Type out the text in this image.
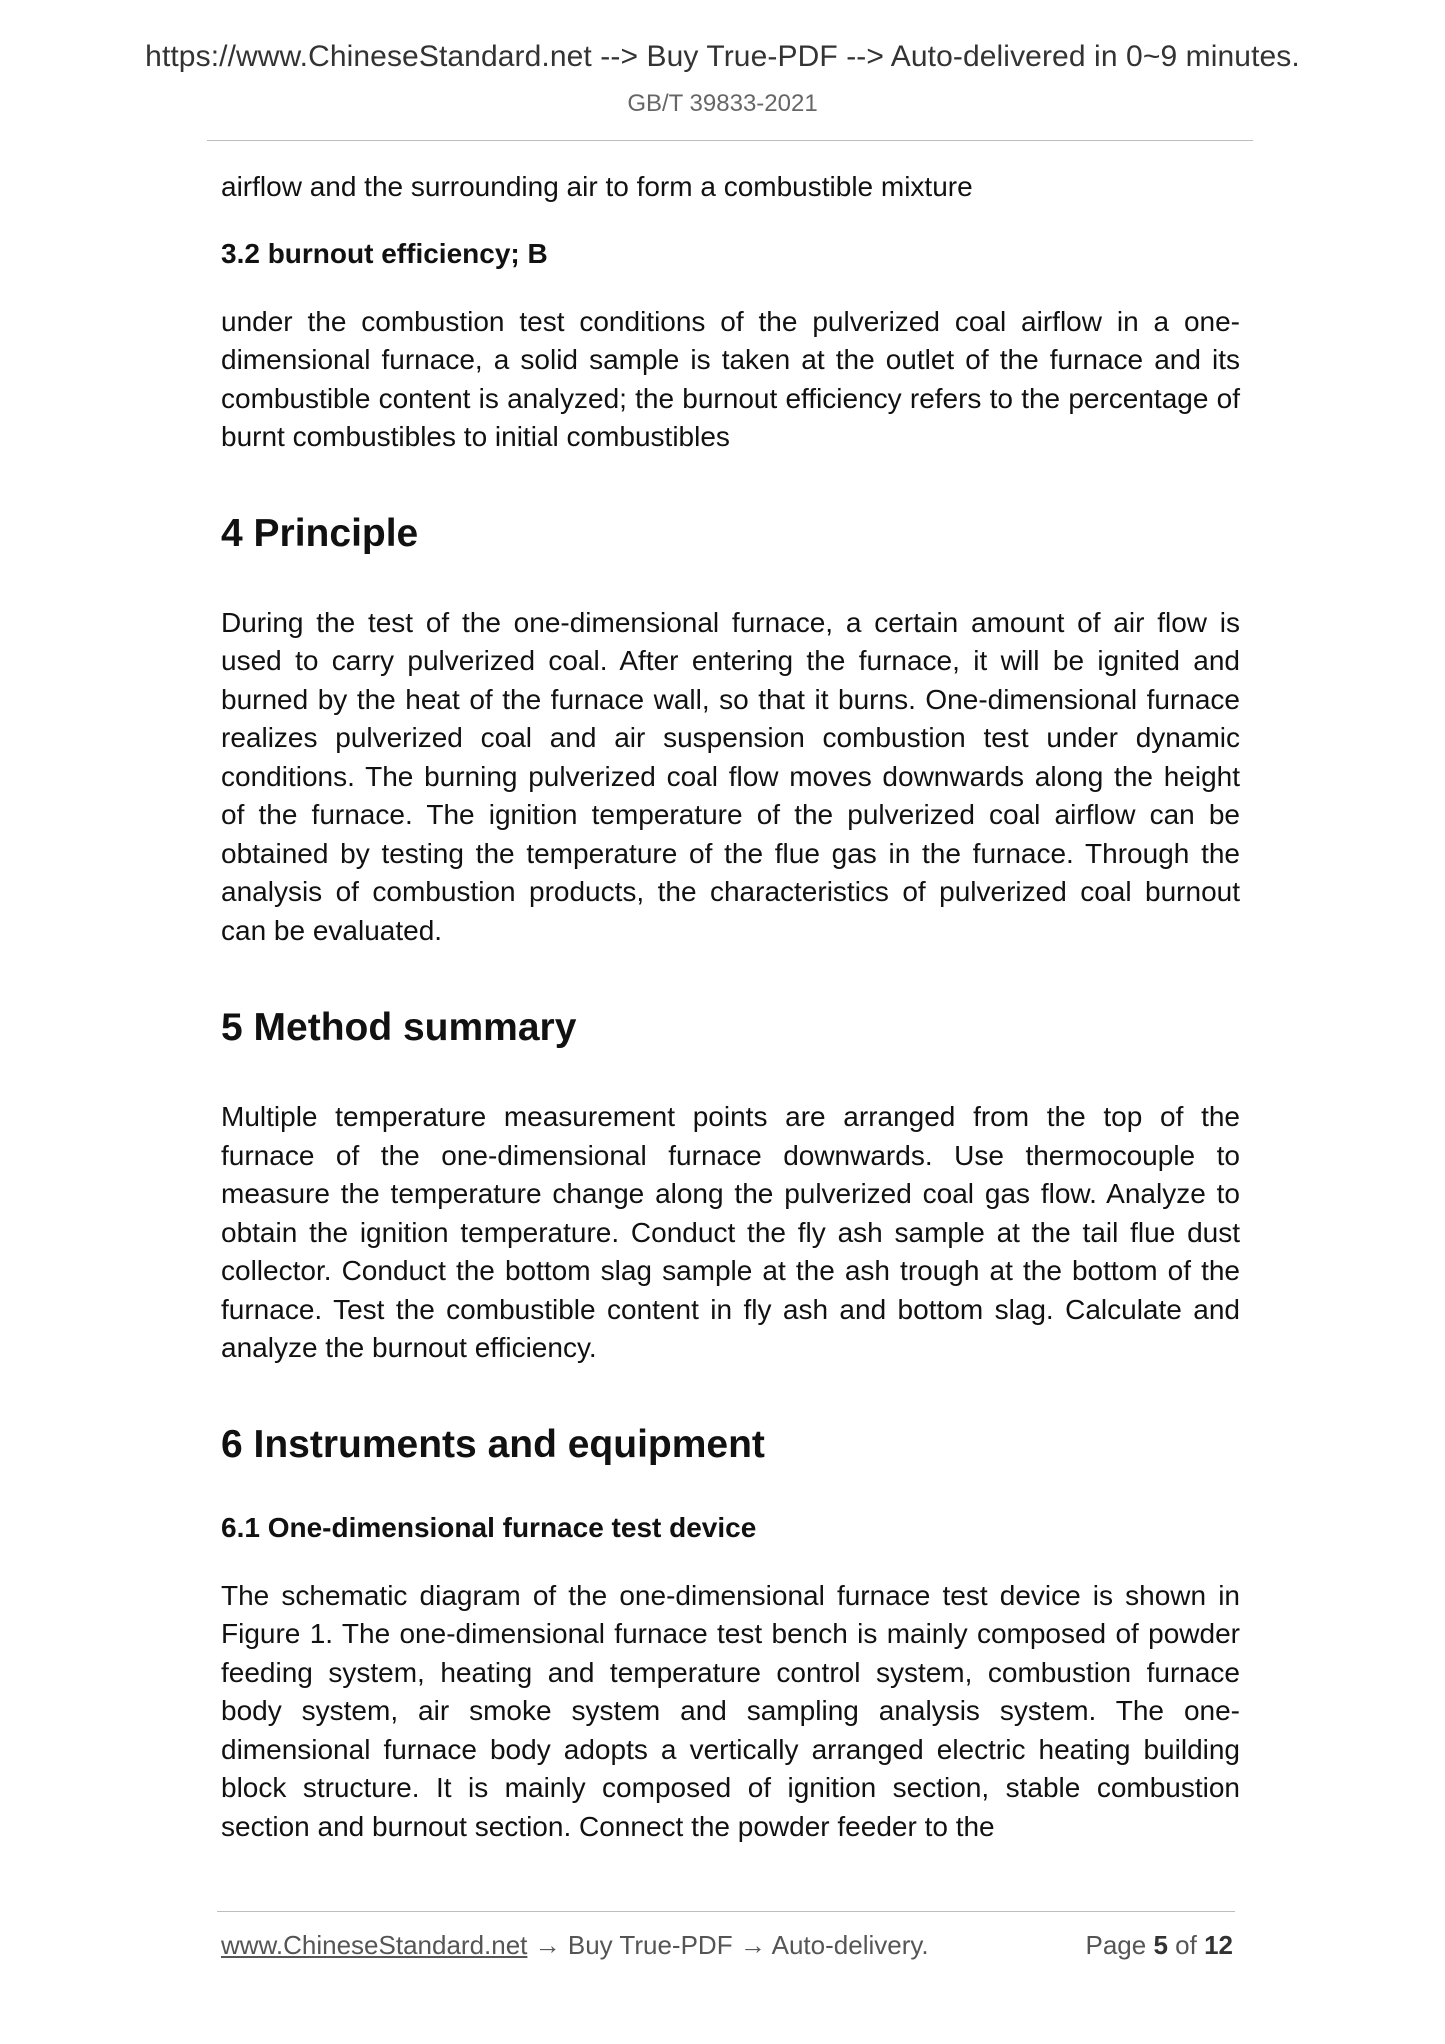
https://www.ChineseStandard.net --> Buy True-PDF --> Auto-delivered in 0~9 minutes.
GB/T 39833-2021

airflow and the surrounding air to form a combustible mixture

3.2 burnout efficiency; B

under the combustion test conditions of the pulverized coal airflow in a one-dimensional furnace, a solid sample is taken at the outlet of the furnace and its combustible content is analyzed; the burnout efficiency refers to the percentage of burnt combustibles to initial combustibles

4 Principle

During the test of the one-dimensional furnace, a certain amount of air flow is used to carry pulverized coal. After entering the furnace, it will be ignited and burned by the heat of the furnace wall, so that it burns. One-dimensional furnace realizes pulverized coal and air suspension combustion test under dynamic conditions. The burning pulverized coal flow moves downwards along the height of the furnace. The ignition temperature of the pulverized coal airflow can be obtained by testing the temperature of the flue gas in the furnace. Through the analysis of combustion products, the characteristics of pulverized coal burnout can be evaluated.

5 Method summary

Multiple temperature measurement points are arranged from the top of the furnace of the one-dimensional furnace downwards. Use thermocouple to measure the temperature change along the pulverized coal gas flow. Analyze to obtain the ignition temperature. Conduct the fly ash sample at the tail flue dust collector. Conduct the bottom slag sample at the ash trough at the bottom of the furnace. Test the combustible content in fly ash and bottom slag. Calculate and analyze the burnout efficiency.

6 Instruments and equipment

6.1 One-dimensional furnace test device

The schematic diagram of the one-dimensional furnace test device is shown in Figure 1. The one-dimensional furnace test bench is mainly composed of powder feeding system, heating and temperature control system, combustion furnace body system, air smoke system and sampling analysis system. The one-dimensional furnace body adopts a vertically arranged electric heating building block structure. It is mainly composed of ignition section, stable combustion section and burnout section. Connect the powder feeder to the

www.ChineseStandard.net → Buy True-PDF → Auto-delivery.	Page 5 of 12
